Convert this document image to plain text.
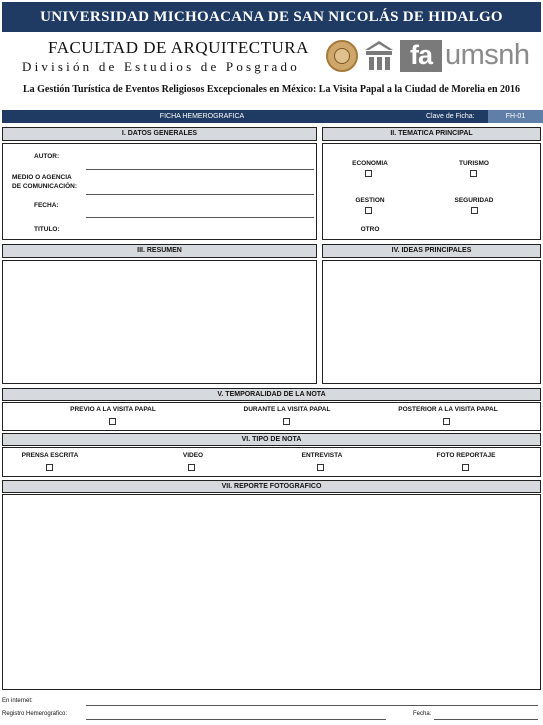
UNIVERSIDAD MICHOACANA DE SAN NICOLÁS DE HIDALGO
FACULTAD DE ARQUITECTURA
División de Estudios de Posgrado	fa umsnh
La Gestión Turística de Eventos Religiosos Excepcionales en México: La Visita Papal a la Ciudad de Morelia en 2016
FICHA HEMEROGRAFICA	Clave de Ficha:	FH-01
I. DATOS GENERALES
AUTOR:
MEDIO O AGENCIA DE COMUNICACIÓN:
FECHA:
TITULO:
II. TEMATICA PRINCIPAL
ECONOMIA	TURISMO
GESTION	SEGURIDAD
OTRO
III. RESUMEN	IV. IDEAS PRINCIPALES
V. TEMPORALIDAD DE LA NOTA
PREVIO A LA VISITA PAPAL	DURANTE LA VISITA PAPAL	POSTERIOR A LA VISITA PAPAL
VI. TIPO DE NOTA
PRENSA ESCRITA	VIDEO	ENTREVISTA	FOTO REPORTAJE
VII. REPORTE FOTOGRAFICO
En internet:
Registro Hemerografico:	Fecha:
